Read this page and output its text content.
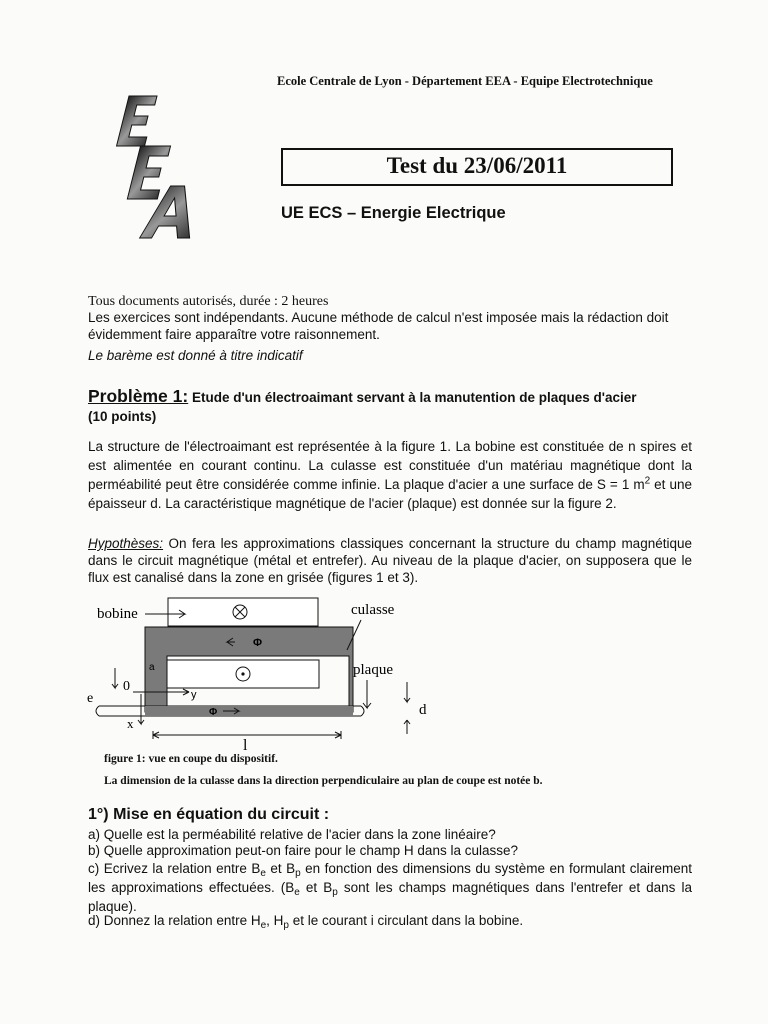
Ecole Centrale de Lyon - Département EEA - Equipe Electrotechnique
Test du 23/06/2011
UE ECS – Energie Electrique
Tous documents autorisés, durée : 2 heures
Les exercices sont indépendants. Aucune méthode de calcul n'est imposée mais la rédaction doit évidemment faire apparaître votre raisonnement.
Le barème est donné à titre indicatif
Problème 1: Etude d'un électroaimant servant à la manutention de plaques d'acier
(10 points)
La structure de l'électroaimant est représentée à la figure 1. La bobine est constituée de n spires et est alimentée en courant continu. La culasse est constituée d'un matériau magnétique dont la perméabilité peut être considérée comme infinie. La plaque d'acier a une surface de S = 1 $m^2$ et une épaisseur d. La caractéristique magnétique de l'acier (plaque) est donnée sur la figure 2.
Hypothèses: On fera les approximations classiques concernant la structure du champ magnétique dans le circuit magnétique (métal et entrefer). Au niveau de la plaque d'acier, on supposera que le flux est canalisé dans la zone en grisée (figures 1 et 3).
Φ
Φ
a
bobine	culasse
plaque
e
0
y
x
l
d
figure 1: vue en coupe du dispositif.
La dimension de la culasse dans la direction perpendiculaire au plan de coupe est notée b.
1°) Mise en équation du circuit :
a) Quelle est la perméabilité relative de l'acier dans la zone linéaire?
b) Quelle approximation peut-on faire pour le champ H dans la culasse?
c) Ecrivez la relation entre $B_e$ et $B_p$ en fonction des dimensions du système en formulant clairement les approximations effectuées. ($B_e$ et $B_p$ sont les champs magnétiques dans l'entrefer et dans la plaque).
d) Donnez la relation entre $H_e$, $H_p$ et le courant i circulant dans la bobine.
